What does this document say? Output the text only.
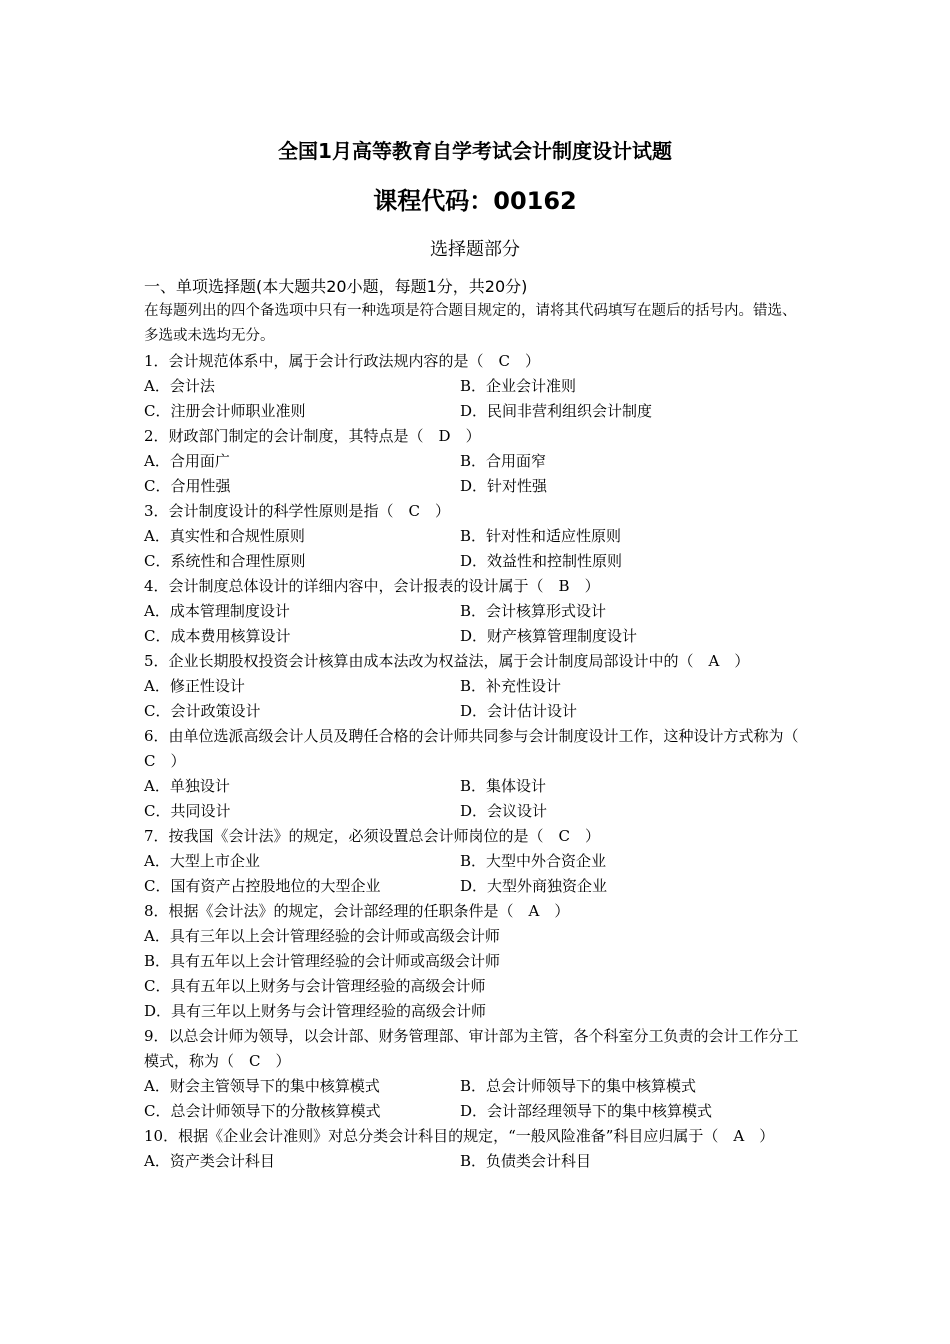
全国1月高等教育自学考试会计制度设计试题
课程代码：00162
选择题部分
一、单项选择题(本大题共20小题，每题1分，共20分)
在每题列出的四个备选项中只有一种选项是符合题目规定的，请将其代码填写在题后的括号内。错选、多选或未选均无分。
1．会计规范体系中，属于会计行政法规内容的是（　C　）
A．会计法	B．企业会计准则
C．注册会计师职业准则	D．民间非营利组织会计制度
2．财政部门制定的会计制度，其特点是（　D　）
A．合用面广	B．合用面窄
C．合用性强	D．针对性强
3．会计制度设计的科学性原则是指（　C　）
A．真实性和合规性原则	B．针对性和适应性原则
C．系统性和合理性原则	D．效益性和控制性原则
4．会计制度总体设计的详细内容中，会计报表的设计属于（　B　）
A．成本管理制度设计	B．会计核算形式设计
C．成本费用核算设计	D．财产核算管理制度设计
5．企业长期股权投资会计核算由成本法改为权益法，属于会计制度局部设计中的（　A　）
A．修正性设计	B．补充性设计
C．会计政策设计	D．会计估计设计
6．由单位选派高级会计人员及聘任合格的会计师共同参与会计制度设计工作，这种设计方式称为（　C　）
A．单独设计	B．集体设计
C．共同设计	D．会议设计
7．按我国《会计法》的规定，必须设置总会计师岗位的是（　C　）
A．大型上市企业	B．大型中外合资企业
C．国有资产占控股地位的大型企业	D．大型外商独资企业
8．根据《会计法》的规定，会计部经理的任职条件是（　A　）
A．具有三年以上会计管理经验的会计师或高级会计师
B．具有五年以上会计管理经验的会计师或高级会计师
C．具有五年以上财务与会计管理经验的高级会计师
D．具有三年以上财务与会计管理经验的高级会计师
9．以总会计师为领导，以会计部、财务管理部、审计部为主管，各个科室分工负责的会计工作分工模式，称为（　C　）
A．财会主管领导下的集中核算模式	B．总会计师领导下的集中核算模式
C．总会计师领导下的分散核算模式	D．会计部经理领导下的集中核算模式
10．根据《企业会计准则》对总分类会计科目的规定，“一般风险准备”科目应归属于（　A　）
A．资产类会计科目	B．负债类会计科目
